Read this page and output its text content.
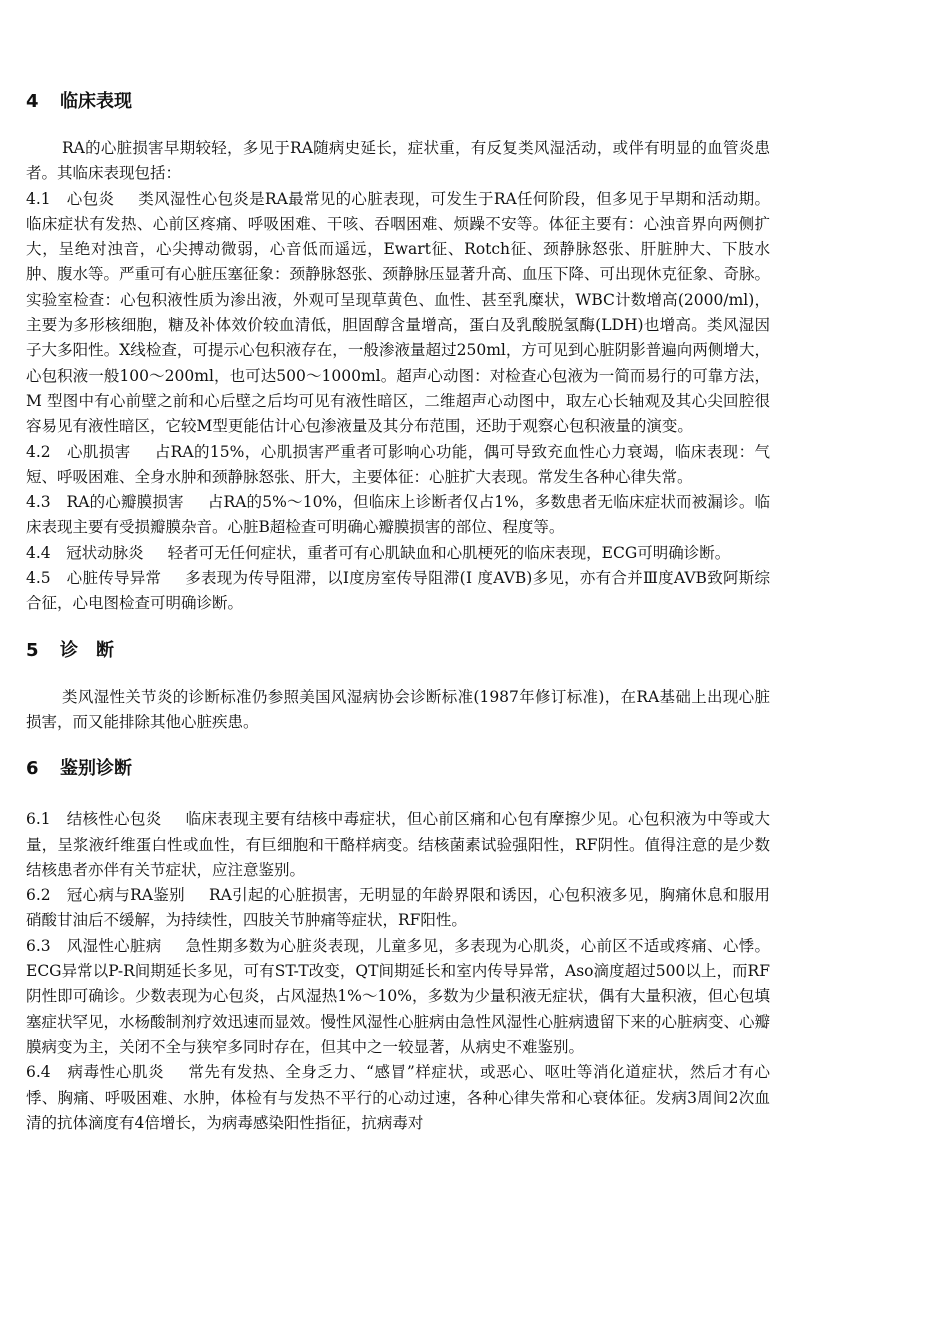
4 临床表现

RA的心脏损害早期较轻，多见于RA随病史延长，症状重，有反复类风湿活动，或伴有明显的血管炎患者。其临床表现包括：

4.1　心包炎 类风湿性心包炎是RA最常见的心脏表现，可发生于RA任何阶段，但多见于早期和活动期。临床症状有发热、心前区疼痛、呼吸困难、干咳、吞咽困难、烦躁不安等。体征主要有：心浊音界向两侧扩大，呈绝对浊音，心尖搏动微弱，心音低而遥远，Ewart征、Rotch征、颈静脉怒张、肝脏肿大、下肢水肿、腹水等。严重可有心脏压塞征象：颈静脉怒张、颈静脉压显著升高、血压下降、可出现休克征象、奇脉。实验室检查：心包积液性质为渗出液，外观可呈现草黄色、血性、甚至乳糜状，WBC计数增高(2000/ml)，主要为多形核细胞，糖及补体效价较血清低，胆固醇含量增高，蛋白及乳酸脱氢酶(LDH)也增高。类风湿因子大多阳性。X线检查，可提示心包积液存在，一般渗液量超过250ml，方可见到心脏阴影普遍向两侧增大，心包积液一般100～200ml，也可达500～1000ml。超声心动图：对检查心包液为一简而易行的可靠方法，M 型图中有心前壁之前和心后壁之后均可见有液性暗区，二维超声心动图中，取左心长轴观及其心尖回腔很容易见有液性暗区，它较M型更能估计心包渗液量及其分布范围，还助于观察心包积液量的演变。

4.2　心肌损害 占RA的15%，心肌损害严重者可影响心功能，偶可导致充血性心力衰竭，临床表现：气短、呼吸困难、全身水肿和颈静脉怒张、肝大，主要体征：心脏扩大表现。常发生各种心律失常。

4.3　RA的心瓣膜损害 占RA的5%～10%，但临床上诊断者仅占1%，多数患者无临床症状而被漏诊。临床表现主要有受损瓣膜杂音。心脏B超检查可明确心瓣膜损害的部位、程度等。

4.4　冠状动脉炎 轻者可无任何症状，重者可有心肌缺血和心肌梗死的临床表现，ECG可明确诊断。

4.5　心脏传导异常 多表现为传导阻滞，以Ⅰ度房室传导阻滞(Ⅰ 度AVB)多见，亦有合并Ⅲ度AVB致阿斯综合征，心电图检查可明确诊断。

5 诊　断

类风湿性关节炎的诊断标准仍参照美国风湿病协会诊断标准(1987年修订标准)，在RA基础上出现心脏损害，而又能排除其他心脏疾患。

6 鉴别诊断

6.1　结核性心包炎 临床表现主要有结核中毒症状，但心前区痛和心包有摩擦少见。心包积液为中等或大量，呈浆液纤维蛋白性或血性，有巨细胞和干酪样病变。结核菌素试验强阳性，RF阴性。值得注意的是少数结核患者亦伴有关节症状，应注意鉴别。

6.2　冠心病与RA鉴别 RA引起的心脏损害，无明显的年龄界限和诱因，心包积液多见，胸痛休息和服用硝酸甘油后不缓解，为持续性，四肢关节肿痛等症状，RF阳性。

6.3　风湿性心脏病 急性期多数为心脏炎表现，儿童多见，多表现为心肌炎，心前区不适或疼痛、心悸。ECG异常以P-R间期延长多见，可有ST-T改变，QT间期延长和室内传导异常，Aso滴度超过500以上，而RF阴性即可确诊。少数表现为心包炎，占风湿热1%～10%，多数为少量积液无症状，偶有大量积液，但心包填塞症状罕见，水杨酸制剂疗效迅速而显效。慢性风湿性心脏病由急性风湿性心脏病遗留下来的心脏病变、心瓣膜病变为主，关闭不全与狭窄多同时存在，但其中之一较显著，从病史不难鉴别。

6.4　病毒性心肌炎 常先有发热、全身乏力、“感冒”样症状，或恶心、呕吐等消化道症状，然后才有心悸、胸痛、呼吸困难、水肿，体检有与发热不平行的心动过速，各种心律失常和心衰体征。发病3周间2次血清的抗体滴度有4倍增长，为病毒感染阳性指征，抗病毒对
